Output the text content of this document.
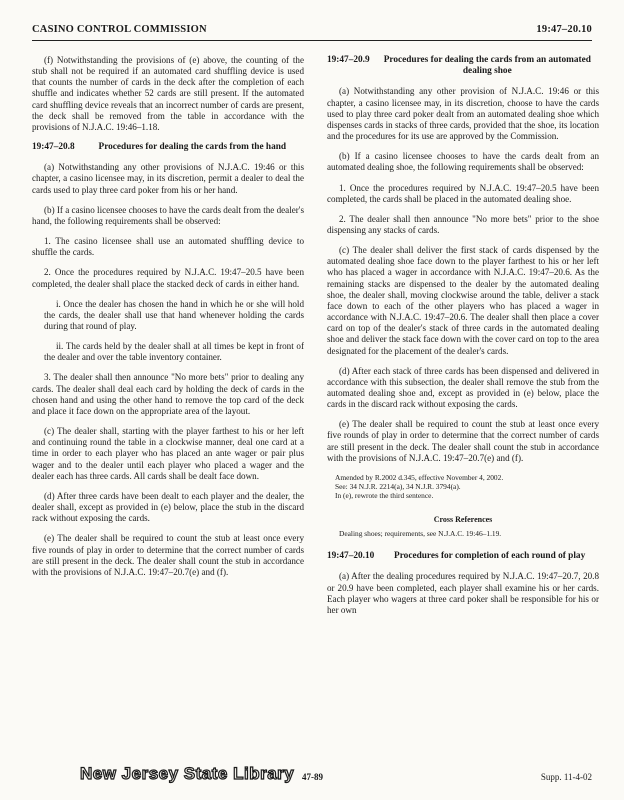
CASINO CONTROL COMMISSION	19:47–20.10

(f) Notwithstanding the provisions of (e) above, the counting of the stub shall not be required if an automated card shuffling device is used that counts the number of cards in the deck after the completion of each shuffle and indicates whether 52 cards are still present. If the automated card shuffling device reveals that an incorrect number of cards are present, the deck shall be removed from the table in accordance with the provisions of N.J.A.C. 19:46–1.18.

19:47–20.8	Procedures for dealing the cards from the hand

(a) Notwithstanding any other provisions of N.J.A.C. 19:46 or this chapter, a casino licensee may, in its discretion, permit a dealer to deal the cards used to play three card poker from his or her hand.

(b) If a casino licensee chooses to have the cards dealt from the dealer's hand, the following requirements shall be observed:

1. The casino licensee shall use an automated shuffling device to shuffle the cards.

2. Once the procedures required by N.J.A.C. 19:47–20.5 have been completed, the dealer shall place the stacked deck of cards in either hand.

i. Once the dealer has chosen the hand in which he or she will hold the cards, the dealer shall use that hand whenever holding the cards during that round of play.

ii. The cards held by the dealer shall at all times be kept in front of the dealer and over the table inventory container.

3. The dealer shall then announce "No more bets" prior to dealing any cards. The dealer shall deal each card by holding the deck of cards in the chosen hand and using the other hand to remove the top card of the deck and place it face down on the appropriate area of the layout.

(c) The dealer shall, starting with the player farthest to his or her left and continuing round the table in a clockwise manner, deal one card at a time in order to each player who has placed an ante wager or pair plus wager and to the dealer until each player who placed a wager and the dealer each has three cards. All cards shall be dealt face down.

(d) After three cards have been dealt to each player and the dealer, the dealer shall, except as provided in (e) below, place the stub in the discard rack without exposing the cards.

(e) The dealer shall be required to count the stub at least once every five rounds of play in order to determine that the correct number of cards are still present in the deck. The dealer shall count the stub in accordance with the provisions of N.J.A.C. 19:47–20.7(e) and (f).

19:47–20.9	Procedures for dealing the cards from an automated dealing shoe

(a) Notwithstanding any other provision of N.J.A.C. 19:46 or this chapter, a casino licensee may, in its discretion, choose to have the cards used to play three card poker dealt from an automated dealing shoe which dispenses cards in stacks of three cards, provided that the shoe, its location and the procedures for its use are approved by the Commission.

(b) If a casino licensee chooses to have the cards dealt from an automated dealing shoe, the following requirements shall be observed:

1. Once the procedures required by N.J.A.C. 19:47–20.5 have been completed, the cards shall be placed in the automated dealing shoe.

2. The dealer shall then announce "No more bets" prior to the shoe dispensing any stacks of cards.

(c) The dealer shall deliver the first stack of cards dispensed by the automated dealing shoe face down to the player farthest to his or her left who has placed a wager in accordance with N.J.A.C. 19:47–20.6. As the remaining stacks are dispensed to the dealer by the automated dealing shoe, the dealer shall, moving clockwise around the table, deliver a stack face down to each of the other players who has placed a wager in accordance with N.J.A.C. 19:47–20.6. The dealer shall then place a cover card on top of the dealer's stack of three cards in the automated dealing shoe and deliver the stack face down with the cover card on top to the area designated for the placement of the dealer's cards.

(d) After each stack of three cards has been dispensed and delivered in accordance with this subsection, the dealer shall remove the stub from the automated dealing shoe and, except as provided in (e) below, place the cards in the discard rack without exposing the cards.

(e) The dealer shall be required to count the stub at least once every five rounds of play in order to determine that the correct number of cards are still present in the deck. The dealer shall count the stub in accordance with the provisions of N.J.A.C. 19:47–20.7(e) and (f).

Amended by R.2002 d.345, effective November 4, 2002.

See: 34 N.J.R. 2214(a), 34 N.J.R. 3794(a).

In (e), rewrote the third sentence.

Cross References

Dealing shoes; requirements, see N.J.A.C. 19:46–1.19.

19:47–20.10	Procedures for completion of each round of play

(a) After the dealing procedures required by N.J.A.C. 19:47–20.7, 20.8 or 20.9 have been completed, each player shall examine his or her cards. Each player who wagers at three card poker shall be responsible for his or her own

New Jersey State Library 47-89	Supp. 11-4-02
